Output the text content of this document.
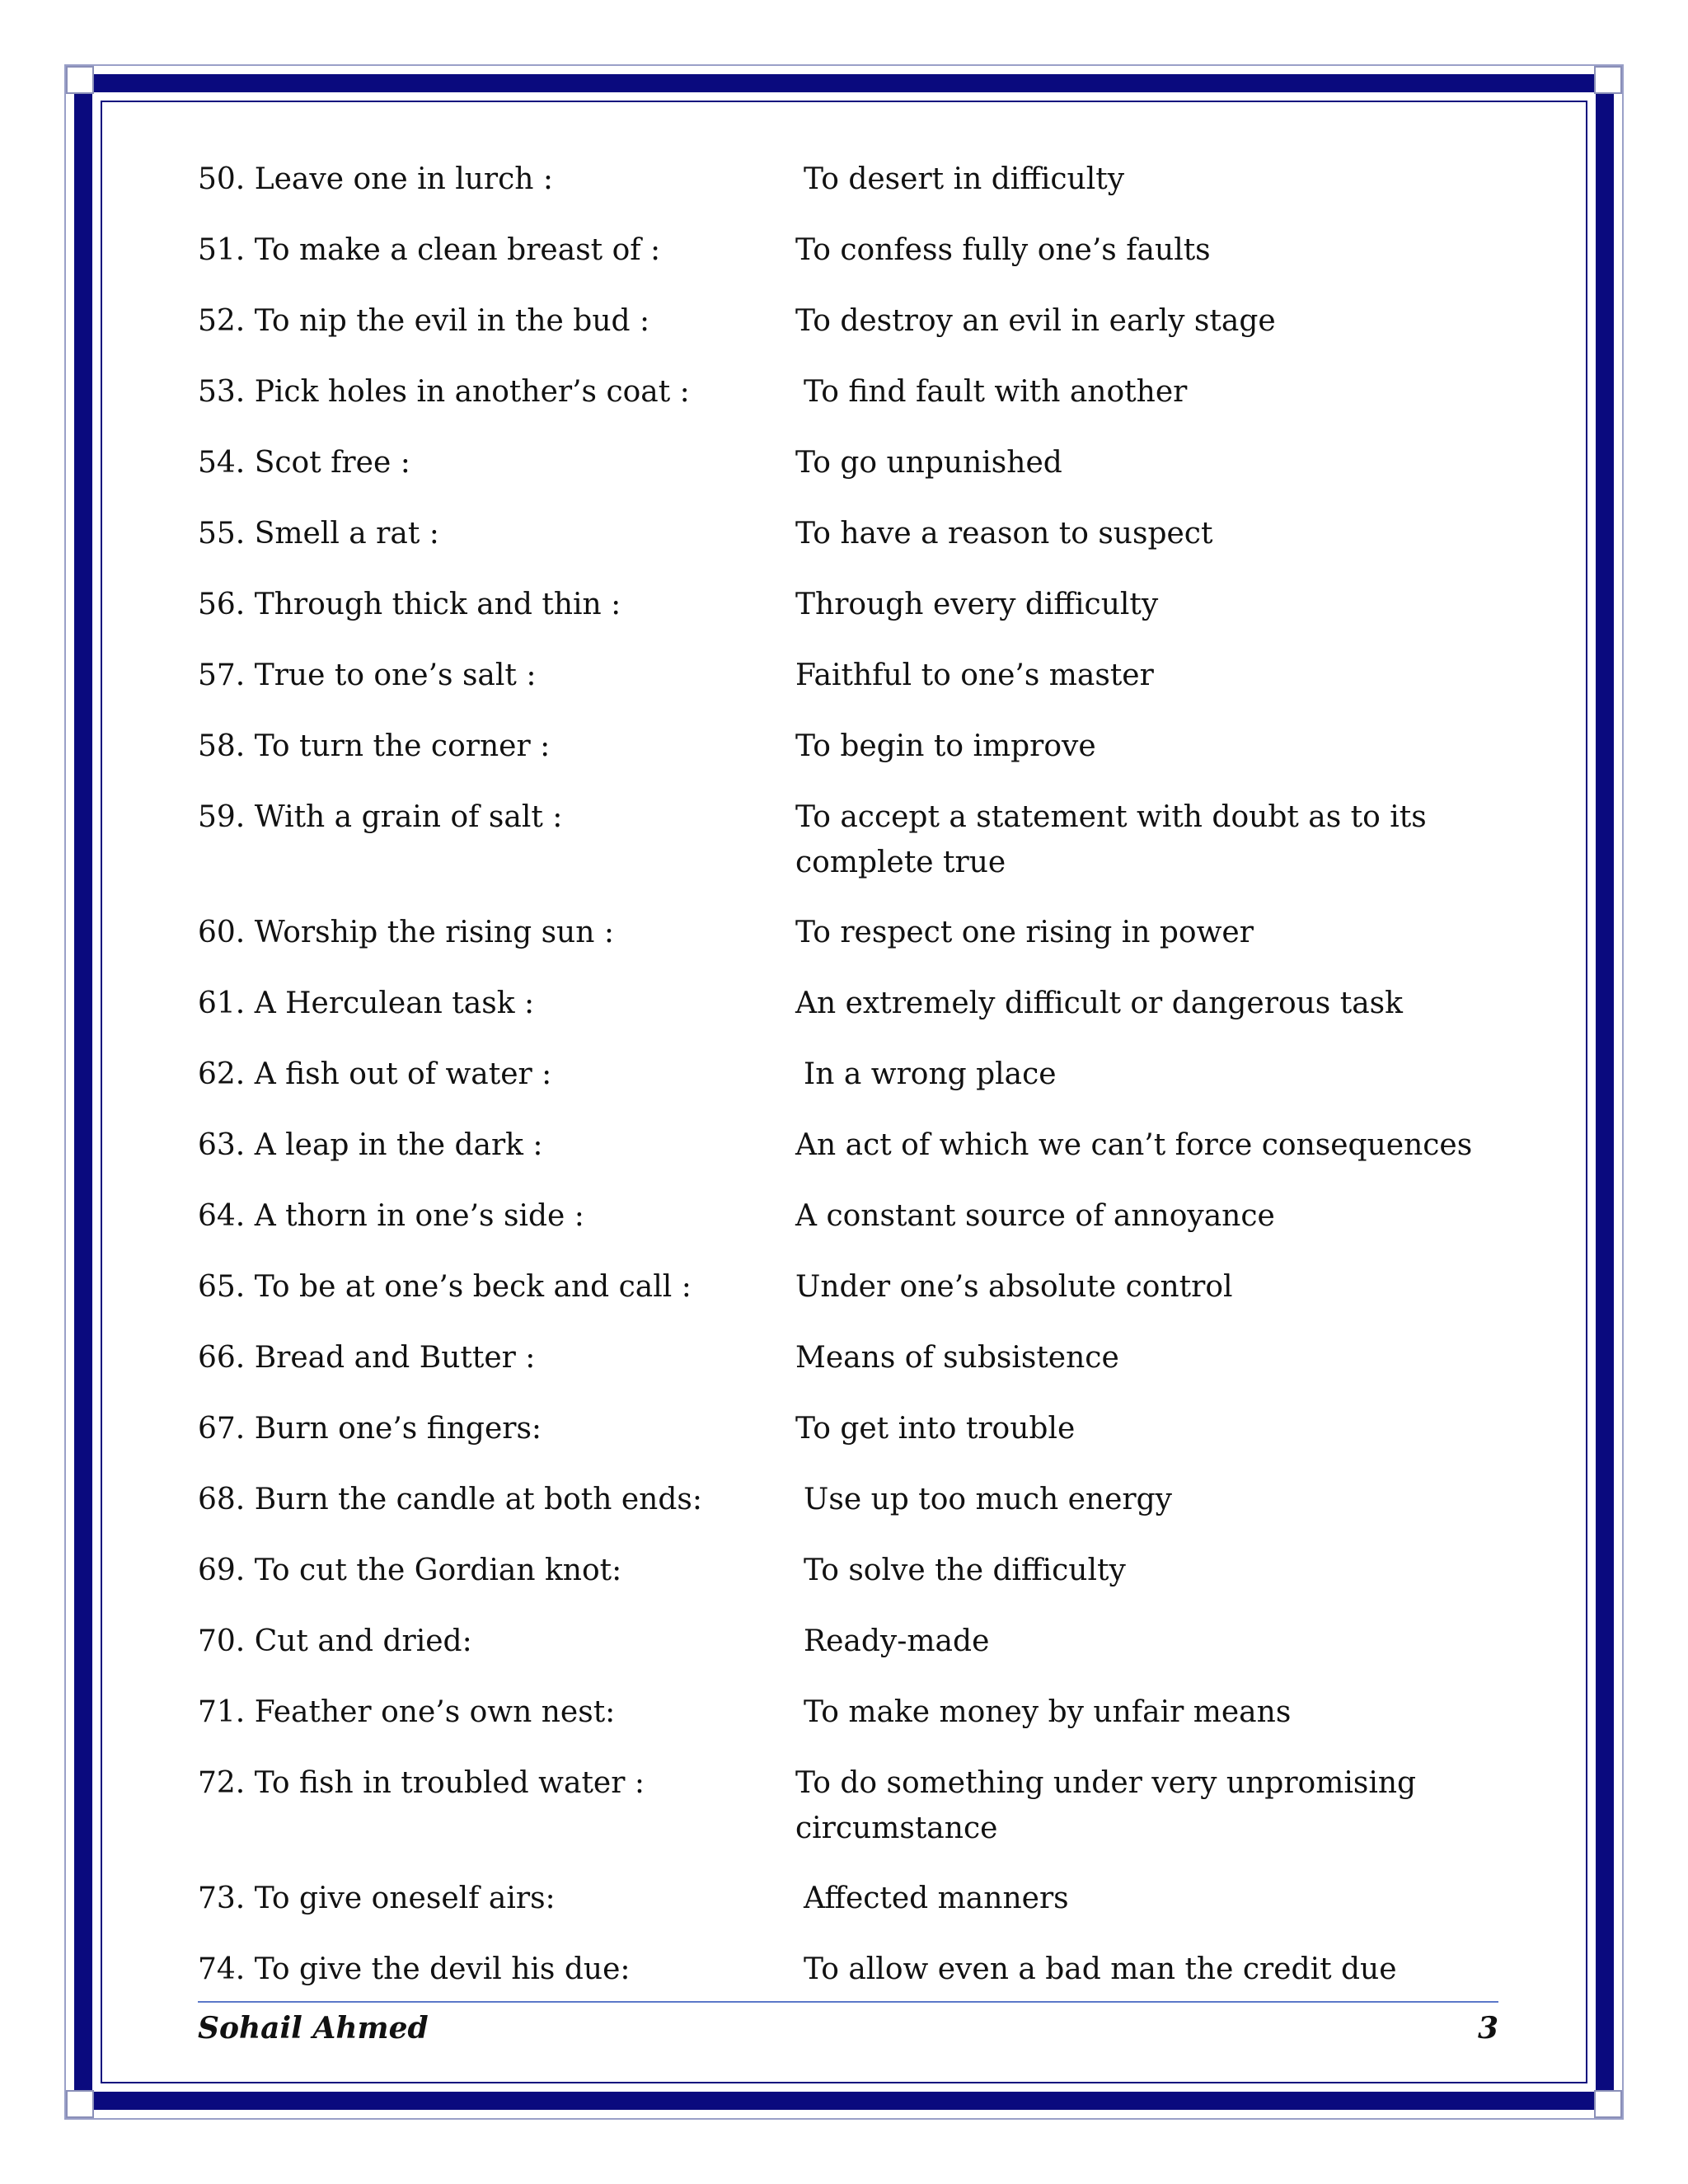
50. Leave one in lurch :	To desert in difficulty
51. To make a clean breast of :	To confess fully one’s faults
52. To nip the evil in the bud :	To destroy an evil in early stage
53. Pick holes in another’s coat :	To find fault with another
54. Scot free :	To go unpunished
55. Smell a rat :	To have a reason to suspect
56. Through thick and thin :	Through every difficulty
57. True to one’s salt :	Faithful to one’s master
58. To turn the corner :	To begin to improve
59. With a grain of salt :	To accept a statement with doubt as to its complete true
60. Worship the rising sun :	To respect one rising in power
61. A Herculean task :	An extremely difficult or dangerous task
62. A fish out of water :	In a wrong place
63. A leap in the dark :	An act of which we can’t force consequences
64. A thorn in one’s side :	A constant source of annoyance
65. To be at one’s beck and call :	Under one’s absolute control
66. Bread and Butter :	Means of subsistence
67. Burn one’s fingers:	To get into trouble
68. Burn the candle at both ends:	Use up too much energy
69. To cut the Gordian knot:	To solve the difficulty
70. Cut and dried:	Ready-made
71. Feather one’s own nest:	To make money by unfair means
72. To fish in troubled water :	To do something under very unpromising circumstance
73. To give oneself airs:	Affected manners
74. To give the devil his due:	To allow even a bad man the credit due
Sohail Ahmed	3
